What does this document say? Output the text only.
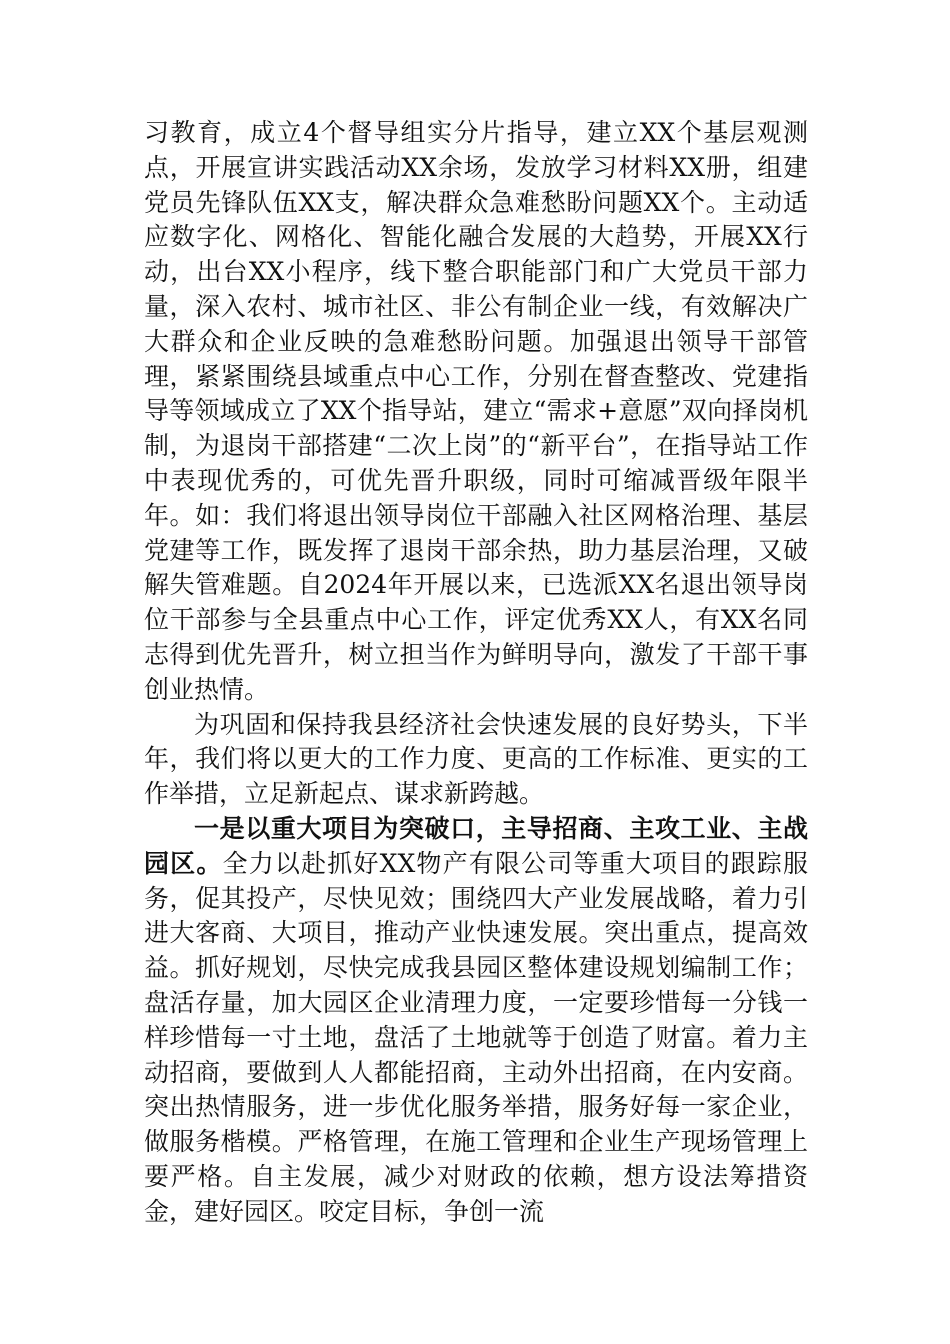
习教育，成立4个督导组实分片指导，建立XX个基层观测点，开展宣讲实践活动XX余场，发放学习材料XX册，组建党员先锋队伍XX支，解决群众急难愁盼问题XX个。主动适应数字化、网格化、智能化融合发展的大趋势，开展XX行动，出台XX小程序，线下整合职能部门和广大党员干部力量，深入农村、城市社区、非公有制企业一线，有效解决广大群众和企业反映的急难愁盼问题。加强退出领导干部管理，紧紧围绕县域重点中心工作，分别在督查整改、党建指导等领域成立了XX个指导站，建立“需求+意愿”双向择岗机制，为退岗干部搭建“二次上岗”的“新平台”，在指导站工作中表现优秀的，可优先晋升职级，同时可缩减晋级年限半年。如：我们将退出领导岗位干部融入社区网格治理、基层党建等工作，既发挥了退岗干部余热，助力基层治理，又破解失管难题。自2024年开展以来，已选派XX名退出领导岗位干部参与全县重点中心工作，评定优秀XX人，有XX名同志得到优先晋升，树立担当作为鲜明导向，激发了干部干事创业热情。

为巩固和保持我县经济社会快速发展的良好势头，下半年，我们将以更大的工作力度、更高的工作标准、更实的工作举措，立足新起点、谋求新跨越。

一是以重大项目为突破口，主导招商、主攻工业、主战园区。全力以赴抓好XX物产有限公司等重大项目的跟踪服务，促其投产，尽快见效；围绕四大产业发展战略，着力引进大客商、大项目，推动产业快速发展。突出重点，提高效益。抓好规划，尽快完成我县园区整体建设规划编制工作；盘活存量，加大园区企业清理力度，一定要珍惜每一分钱一样珍惜每一寸土地，盘活了土地就等于创造了财富。着力主动招商，要做到人人都能招商，主动外出招商，在内安商。突出热情服务，进一步优化服务举措，服务好每一家企业，做服务楷模。严格管理，在施工管理和企业生产现场管理上要严格。自主发展，减少对财政的依赖，想方设法筹措资金，建好园区。咬定目标，争创一流
